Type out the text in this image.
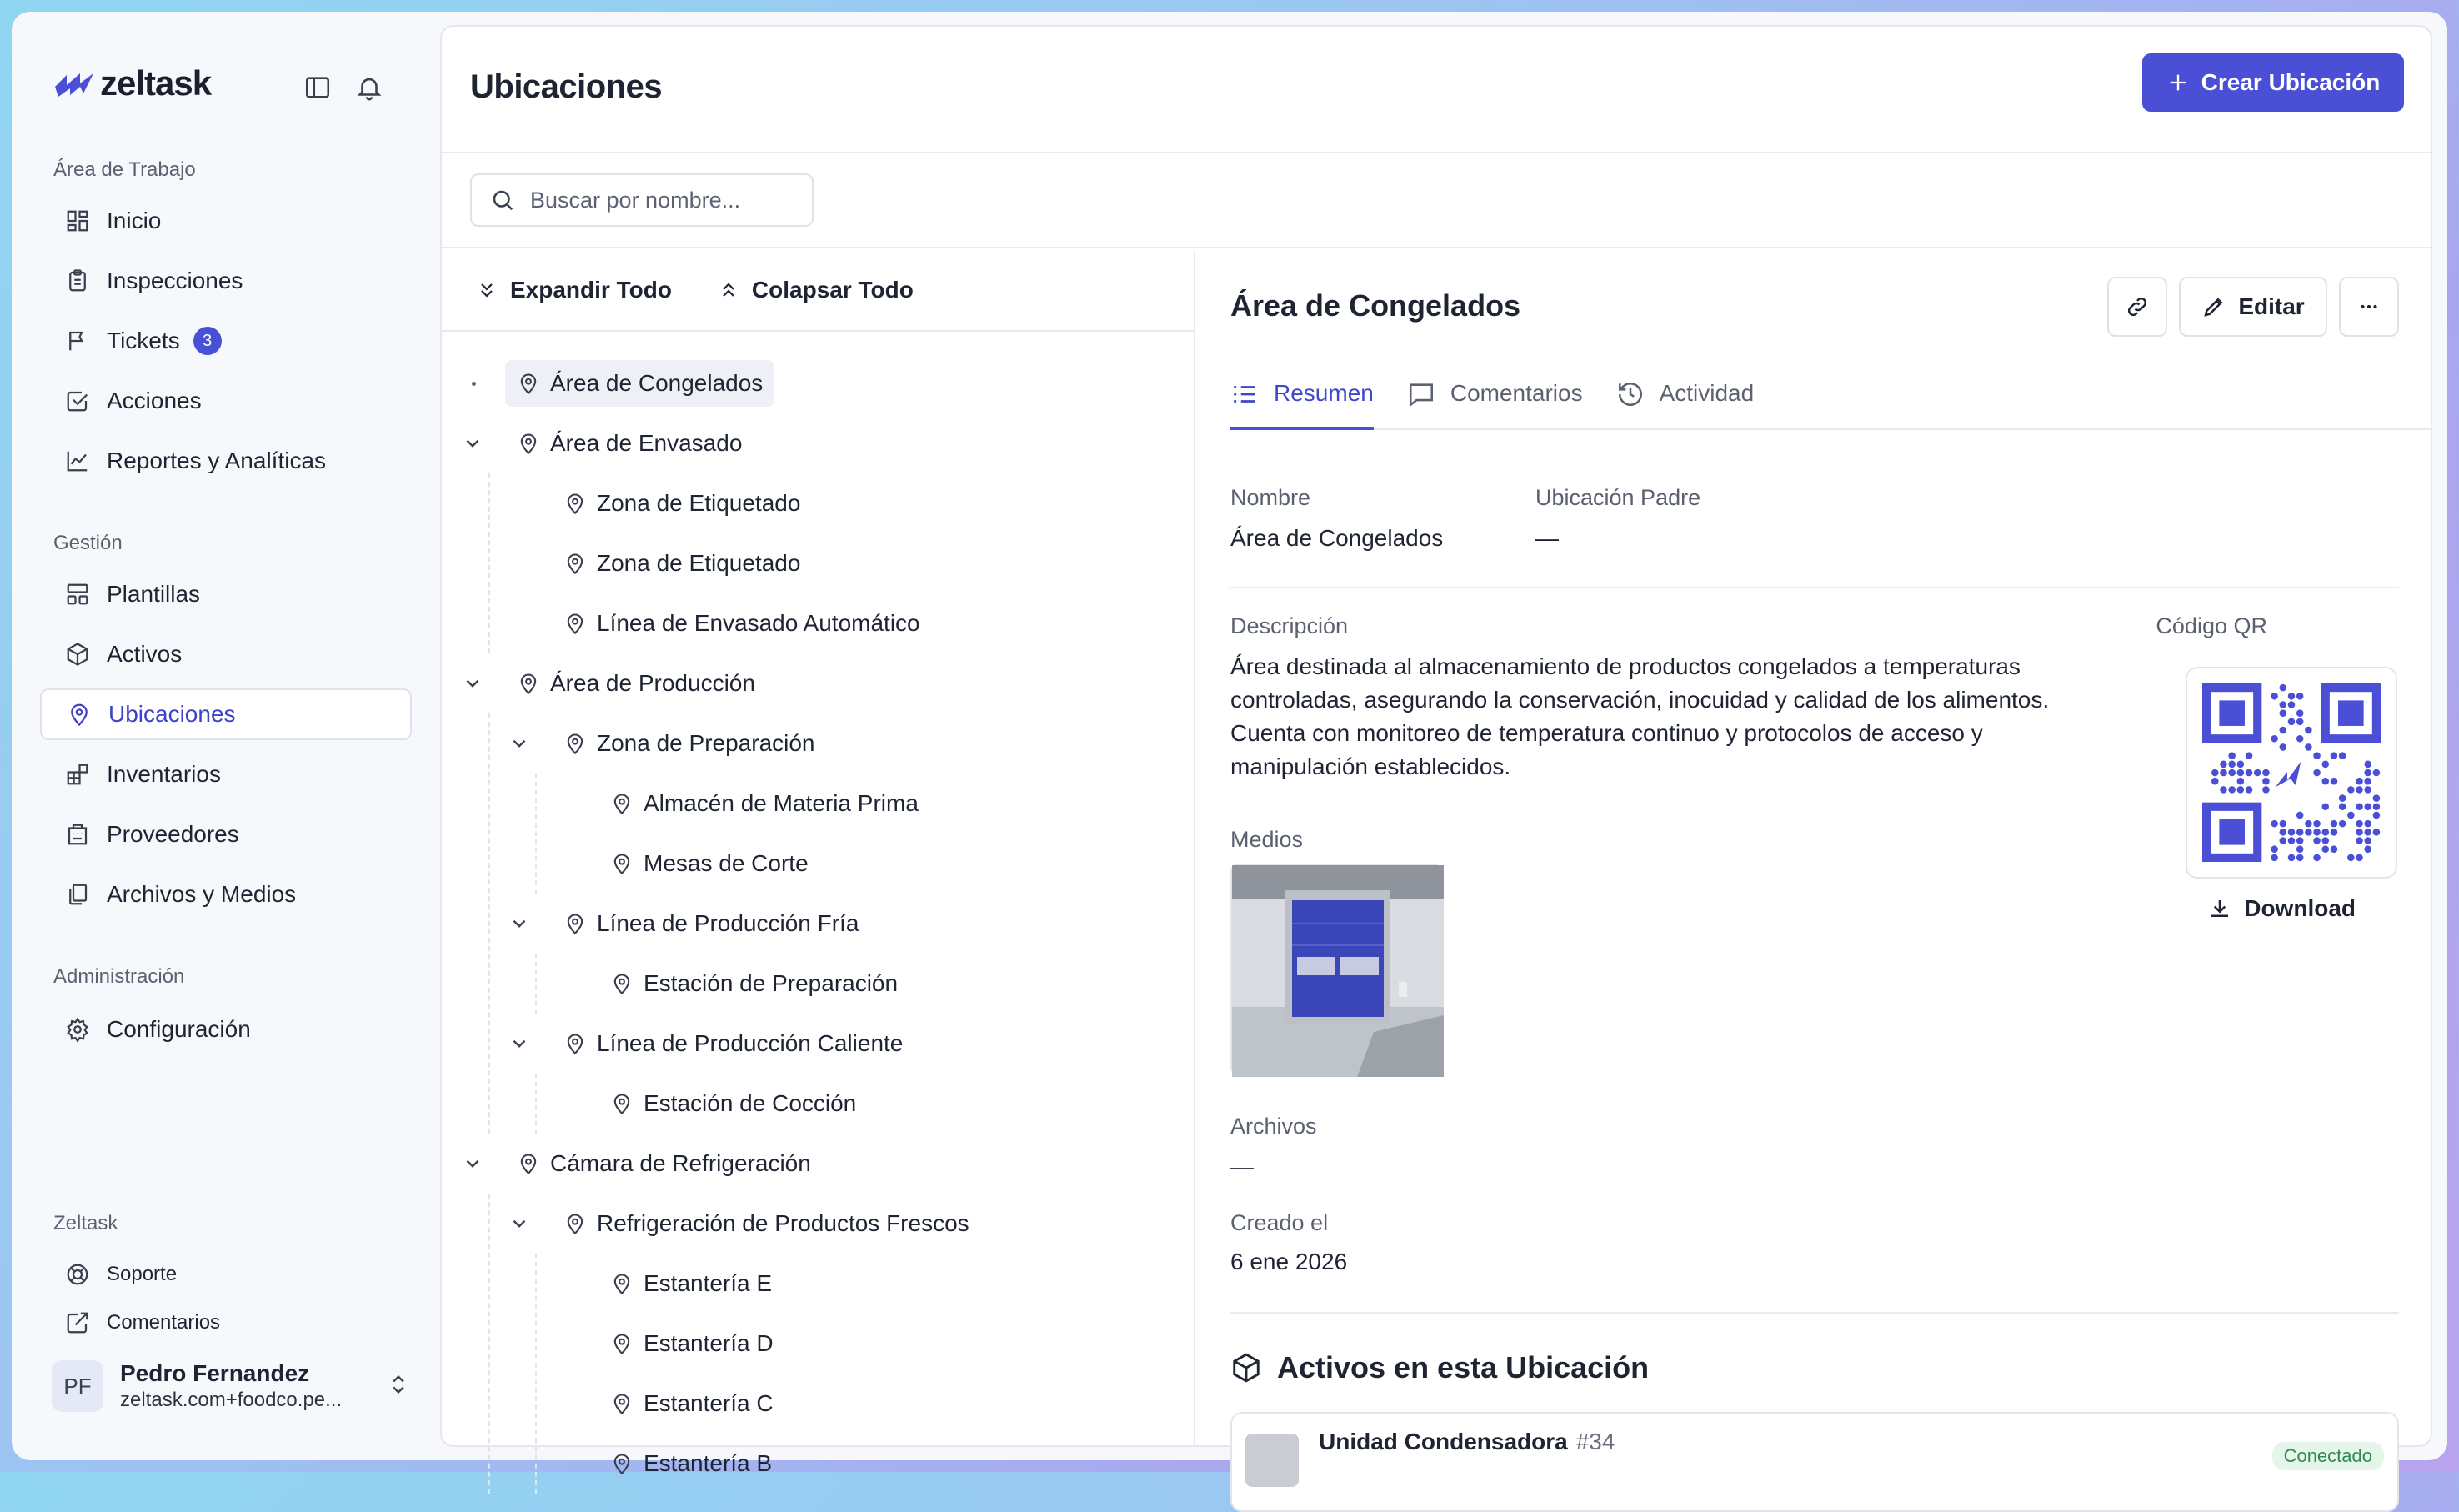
zeltask
Área de Trabajo
Inicio
Inspecciones
Tickets	3
Acciones
Reportes y Analíticas
Gestión
Plantillas
Activos
Ubicaciones
Inventarios
Proveedores
Archivos y Medios
Administración
Configuración
Zeltask
Soporte
Comentarios
PF	Pedro Fernandez
zeltask.com+foodco.pe...
Ubicaciones	Crear Ubicación
Buscar por nombre...
Expandir Todo	Colapsar Todo
Área de Congelados
Área de Envasado
Zona de Etiquetado
Zona de Etiquetado
Línea de Envasado Automático
Área de Producción
Zona de Preparación
Almacén de Materia Prima
Mesas de Corte
Línea de Producción Fría
Estación de Preparación
Línea de Producción Caliente
Estación de Cocción
Cámara de Refrigeración
Refrigeración de Productos Frescos
Estantería E
Estantería D
Estantería C
Estantería B
Área de Congelados	Editar
Resumen	Comentarios	Actividad
Nombre
Área de Congelados
Ubicación Padre
—
Descripción

Área destinada al almacenamiento de productos congelados a temperaturas controladas, asegurando la conservación, inocuidad y calidad de los alimentos. Cuenta con monitoreo de temperatura continuo y protocolos de acceso y manipulación establecidos.

Código QR
Download
Medios
Archivos
—
Creado el
6 ene 2026
Activos en esta Ubicación
Unidad Condensadora #34
Conectado
